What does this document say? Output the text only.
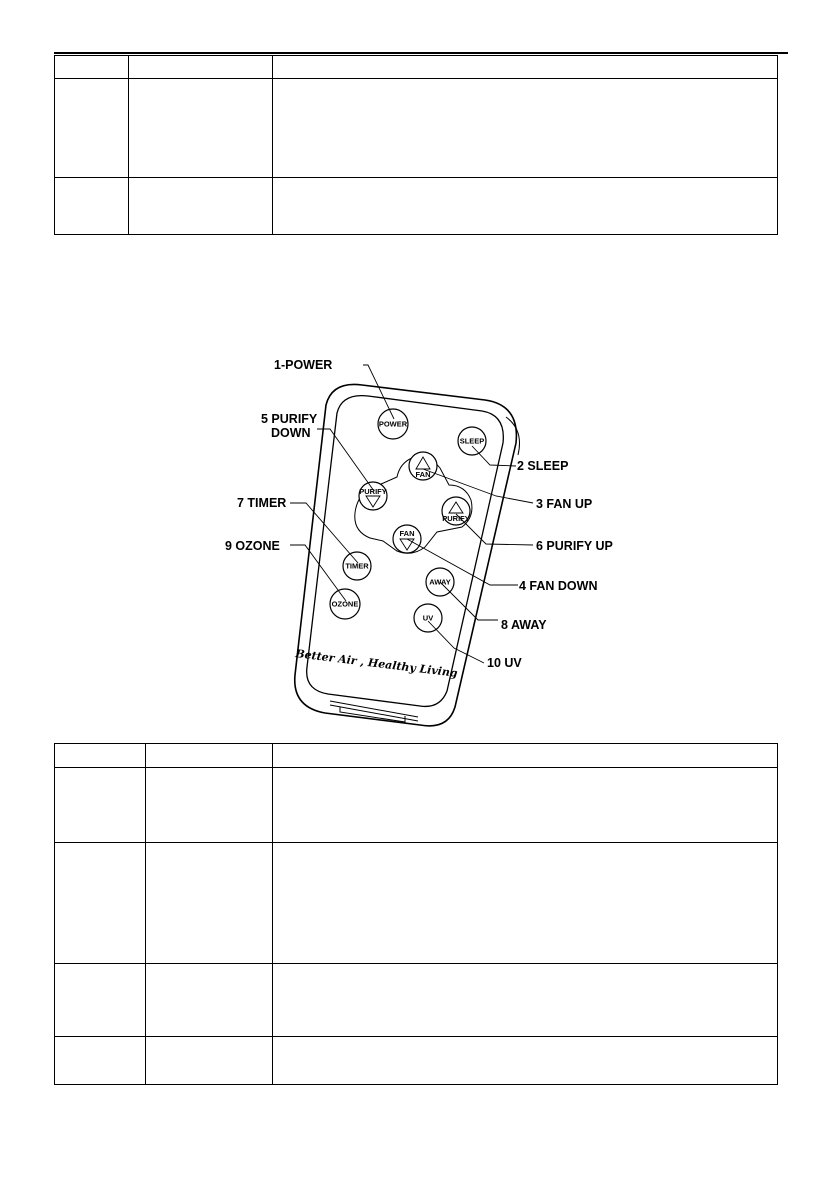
POWER
SLEEP
FAN
PURIFY
PURIFY
FAN
TIMER
OZONE
AWAY
UV
Better Air , Healthy Living
1-POWER
5 PURIFY
DOWN
2 SLEEP
3 FAN UP
7 TIMER
6 PURIFY UP
9 OZONE
4 FAN DOWN
8 AWAY
10 UV
